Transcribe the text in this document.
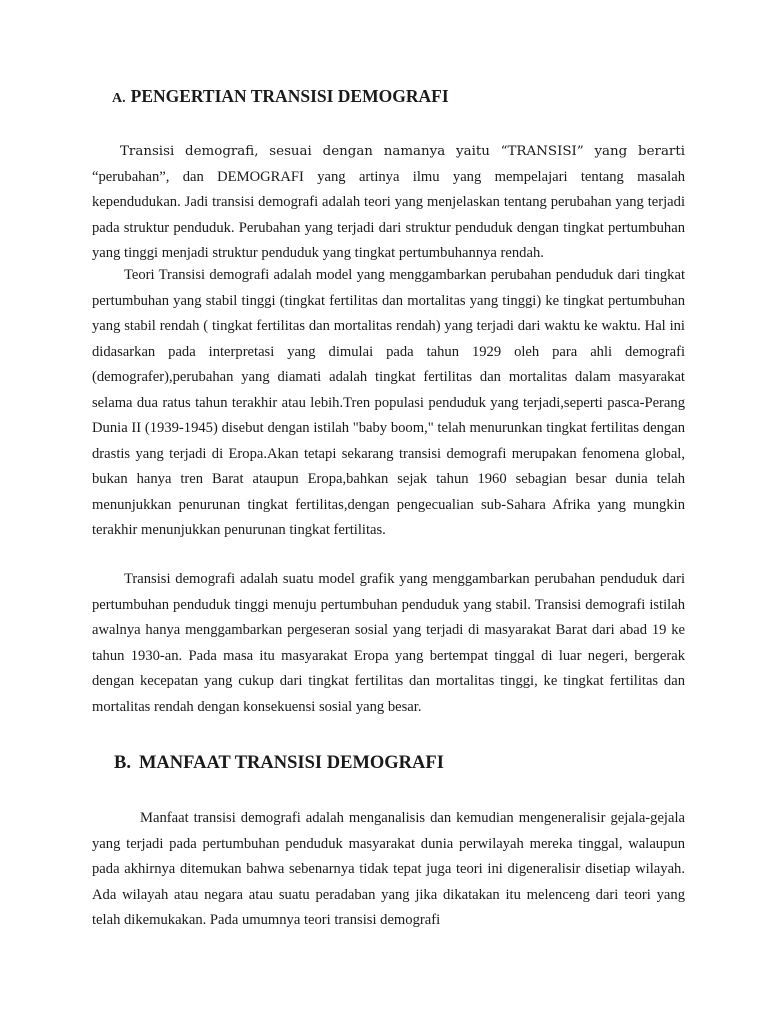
A. PENGERTIAN TRANSISI DEMOGRAFI

Transisi demografi, sesuai dengan namanya yaitu “TRANSISI” yang berarti “perubahan”, dan DEMOGRAFI yang artinya ilmu yang mempelajari tentang masalah kependudukan. Jadi transisi demografi adalah teori yang menjelaskan tentang perubahan yang terjadi pada struktur penduduk. Perubahan yang terjadi dari struktur penduduk dengan tingkat pertumbuhan yang tinggi menjadi struktur penduduk yang tingkat pertumbuhannya rendah.

Teori Transisi demografi adalah model yang menggambarkan perubahan penduduk dari tingkat pertumbuhan yang stabil tinggi (tingkat fertilitas dan mortalitas yang tinggi) ke tingkat pertumbuhan yang stabil rendah ( tingkat fertilitas dan mortalitas rendah) yang terjadi dari waktu ke waktu. Hal ini didasarkan pada interpretasi yang dimulai pada tahun 1929 oleh para ahli demografi (demografer),perubahan yang diamati adalah tingkat fertilitas dan mortalitas dalam masyarakat selama dua ratus tahun terakhir atau lebih.Tren populasi penduduk yang terjadi,seperti pasca-Perang Dunia II (1939-1945) disebut dengan istilah "baby boom," telah menurunkan tingkat fertilitas dengan drastis yang terjadi di Eropa.Akan tetapi sekarang transisi demografi merupakan fenomena global, bukan hanya tren Barat ataupun Eropa,bahkan sejak tahun 1960 sebagian besar dunia telah menunjukkan penurunan tingkat fertilitas,dengan pengecualian sub-Sahara Afrika yang mungkin terakhir menunjukkan penurunan tingkat fertilitas.

Transisi demografi adalah suatu model grafik yang menggambarkan perubahan penduduk dari pertumbuhan penduduk tinggi menuju pertumbuhan penduduk yang stabil. Transisi demografi istilah awalnya hanya menggambarkan pergeseran sosial yang terjadi di masyarakat Barat dari abad 19 ke tahun 1930-an. Pada masa itu masyarakat Eropa yang bertempat tinggal di luar negeri, bergerak dengan kecepatan yang cukup dari tingkat fertilitas dan mortalitas tinggi, ke tingkat fertilitas dan mortalitas rendah dengan konsekuensi sosial yang besar.

B. MANFAAT TRANSISI DEMOGRAFI

Manfaat transisi demografi adalah menganalisis dan kemudian mengeneralisir gejala-gejala yang terjadi pada pertumbuhan penduduk masyarakat dunia perwilayah mereka tinggal, walaupun pada akhirnya ditemukan bahwa sebenarnya tidak tepat juga teori ini digeneralisir disetiap wilayah. Ada wilayah atau negara atau suatu peradaban yang jika dikatakan itu melenceng dari teori yang telah dikemukakan. Pada umumnya teori transisi demografi
